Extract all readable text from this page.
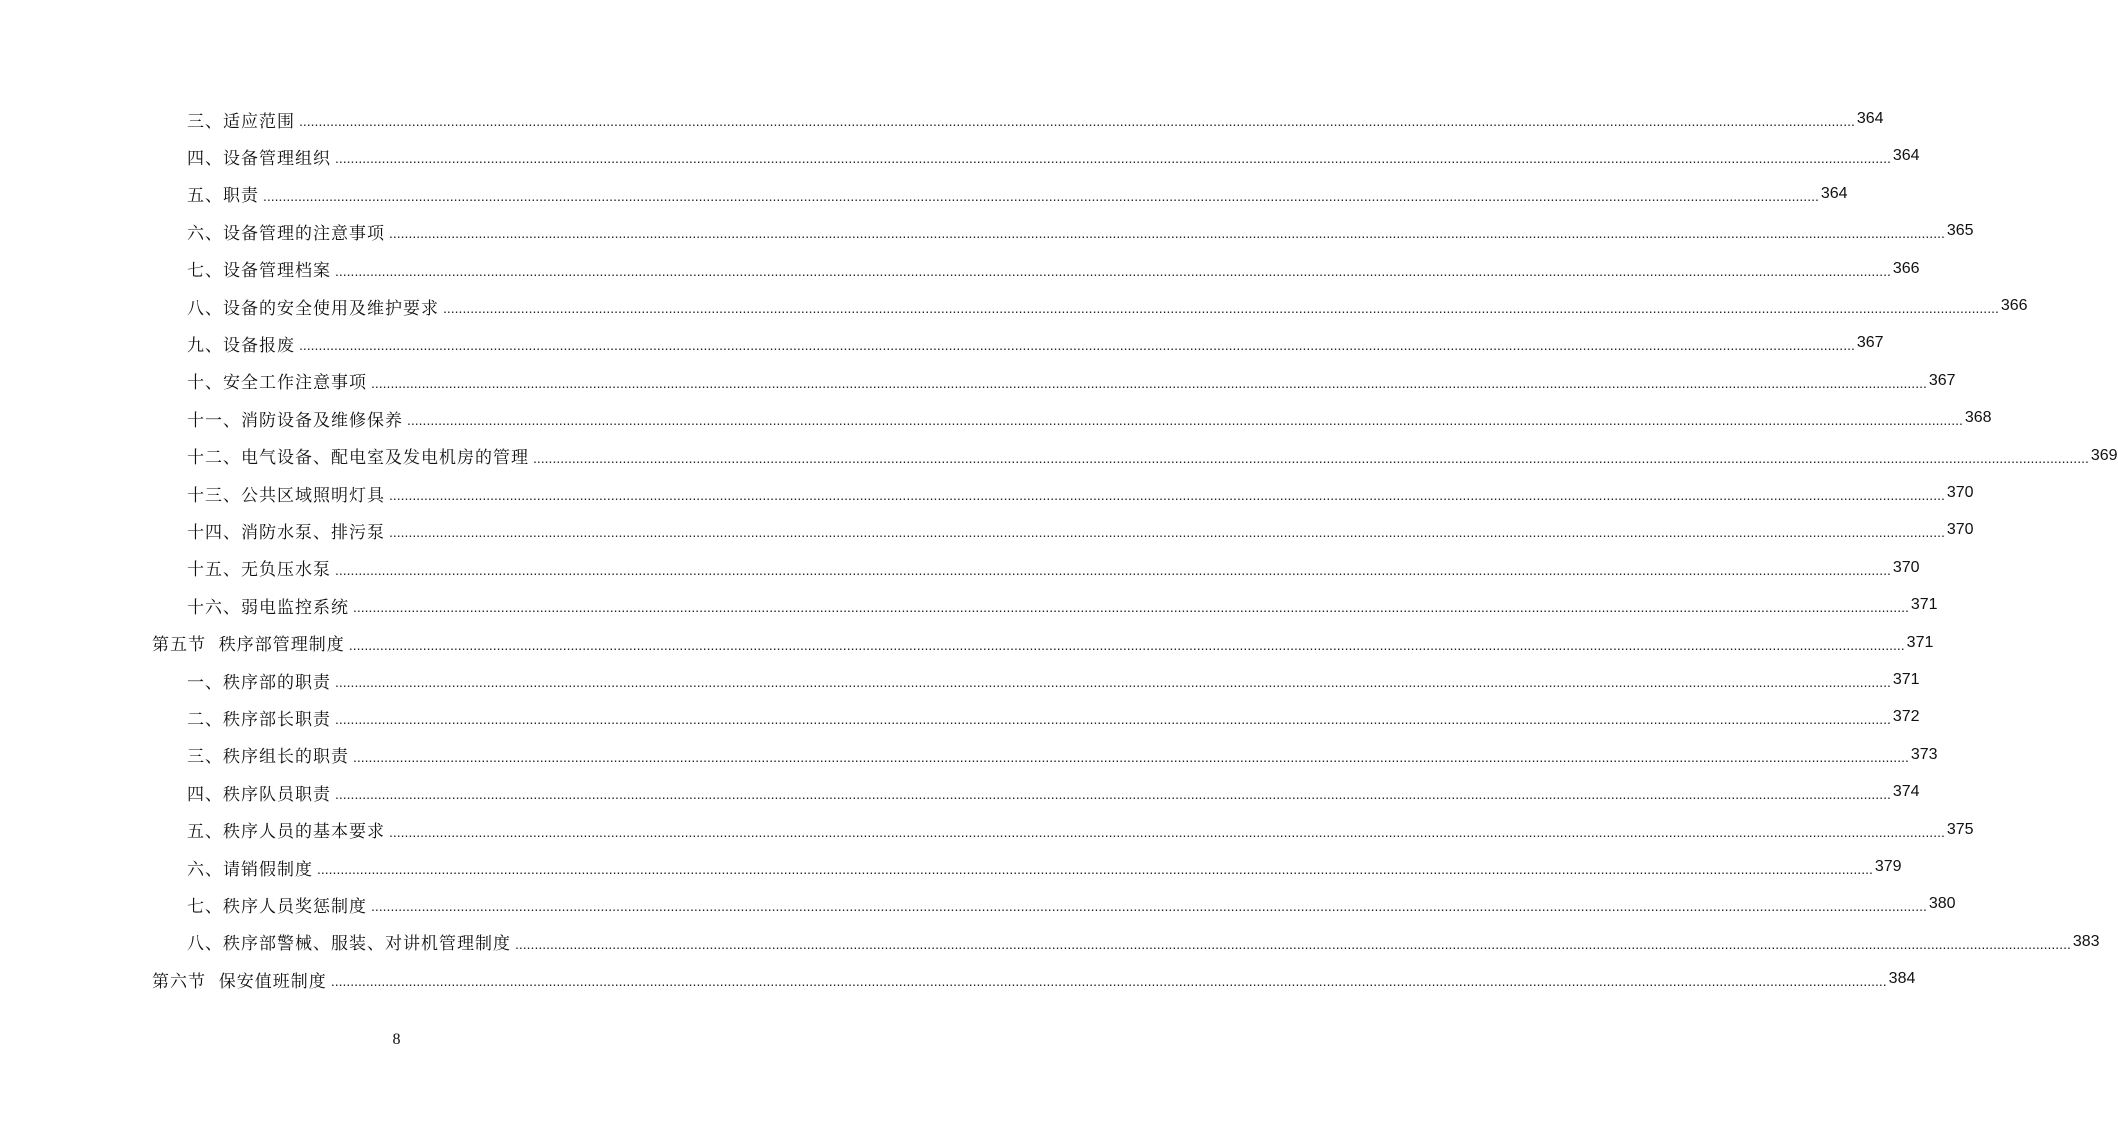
三、适应范围 ................................................................................................................................................................................................................................................................................................................................................................................................................ 364
四、设备管理组织 ................................................................................................................................................................................................................................................................................................................................................................................................................ 364
五、职责 ................................................................................................................................................................................................................................................................................................................................................................................................................ 364
六、设备管理的注意事项 ................................................................................................................................................................................................................................................................................................................................................................................................................ 365
七、设备管理档案 ................................................................................................................................................................................................................................................................................................................................................................................................................ 366
八、设备的安全使用及维护要求 ................................................................................................................................................................................................................................................................................................................................................................................................................ 366
九、设备报废 ................................................................................................................................................................................................................................................................................................................................................................................................................ 367
十、安全工作注意事项 ................................................................................................................................................................................................................................................................................................................................................................................................................ 367
十一、消防设备及维修保养 ................................................................................................................................................................................................................................................................................................................................................................................................................ 368
十二、电气设备、配电室及发电机房的管理 ................................................................................................................................................................................................................................................................................................................................................................................................................ 369
十三、公共区域照明灯具 ................................................................................................................................................................................................................................................................................................................................................................................................................ 370
十四、消防水泵、排污泵 ................................................................................................................................................................................................................................................................................................................................................................................................................ 370
十五、无负压水泵 ................................................................................................................................................................................................................................................................................................................................................................................................................ 370
十六、弱电监控系统 ................................................................................................................................................................................................................................................................................................................................................................................................................ 371
第五节  秩序部管理制度 ................................................................................................................................................................................................................................................................................................................................................................................................................ 371
一、秩序部的职责 ................................................................................................................................................................................................................................................................................................................................................................................................................ 371
二、秩序部长职责 ................................................................................................................................................................................................................................................................................................................................................................................................................ 372
三、秩序组长的职责 ................................................................................................................................................................................................................................................................................................................................................................................................................ 373
四、秩序队员职责 ................................................................................................................................................................................................................................................................................................................................................................................................................ 374
五、秩序人员的基本要求 ................................................................................................................................................................................................................................................................................................................................................................................................................ 375
六、请销假制度 ................................................................................................................................................................................................................................................................................................................................................................................................................ 379
七、秩序人员奖惩制度 ................................................................................................................................................................................................................................................................................................................................................................................................................ 380
八、秩序部警械、服装、对讲机管理制度 ................................................................................................................................................................................................................................................................................................................................................................................................................ 383
第六节  保安值班制度 ................................................................................................................................................................................................................................................................................................................................................................................................................ 384
8
